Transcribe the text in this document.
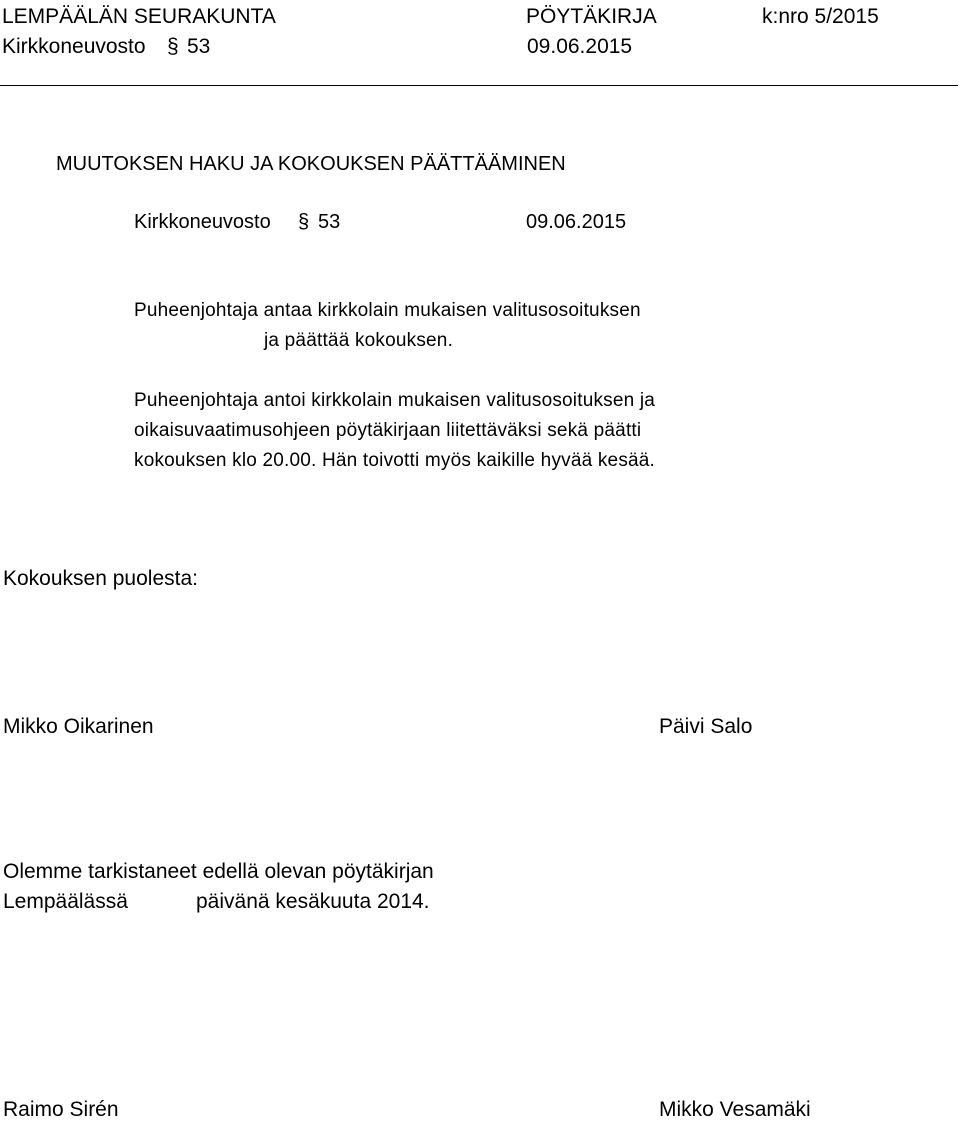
LEMPÄÄLÄN SEURAKUNTA	PÖYTÄKIRJA	k:nro 5/2015
Kirkkoneuvosto § 53	09.06.2015
MUUTOKSEN HAKU JA KOKOUKSEN PÄÄTTÄÄMINEN
Kirkkoneuvosto § 53	09.06.2015
Puheenjohtaja antaa kirkkolain mukaisen valitusosoituksen
ja päättää kokouksen.
Puheenjohtaja antoi kirkkolain mukaisen valitusosoituksen ja
oikaisuvaatimusohjeen pöytäkirjaan liitettäväksi sekä päätti
kokouksen klo 20.00. Hän toivotti myös kaikille hyvää kesää.
Kokouksen puolesta:
Mikko Oikarinen	Päivi Salo
Olemme tarkistaneet edellä olevan pöytäkirjan
Lempäälässä	päivänä kesäkuuta 2014.
Raimo Sirén	Mikko Vesamäki
